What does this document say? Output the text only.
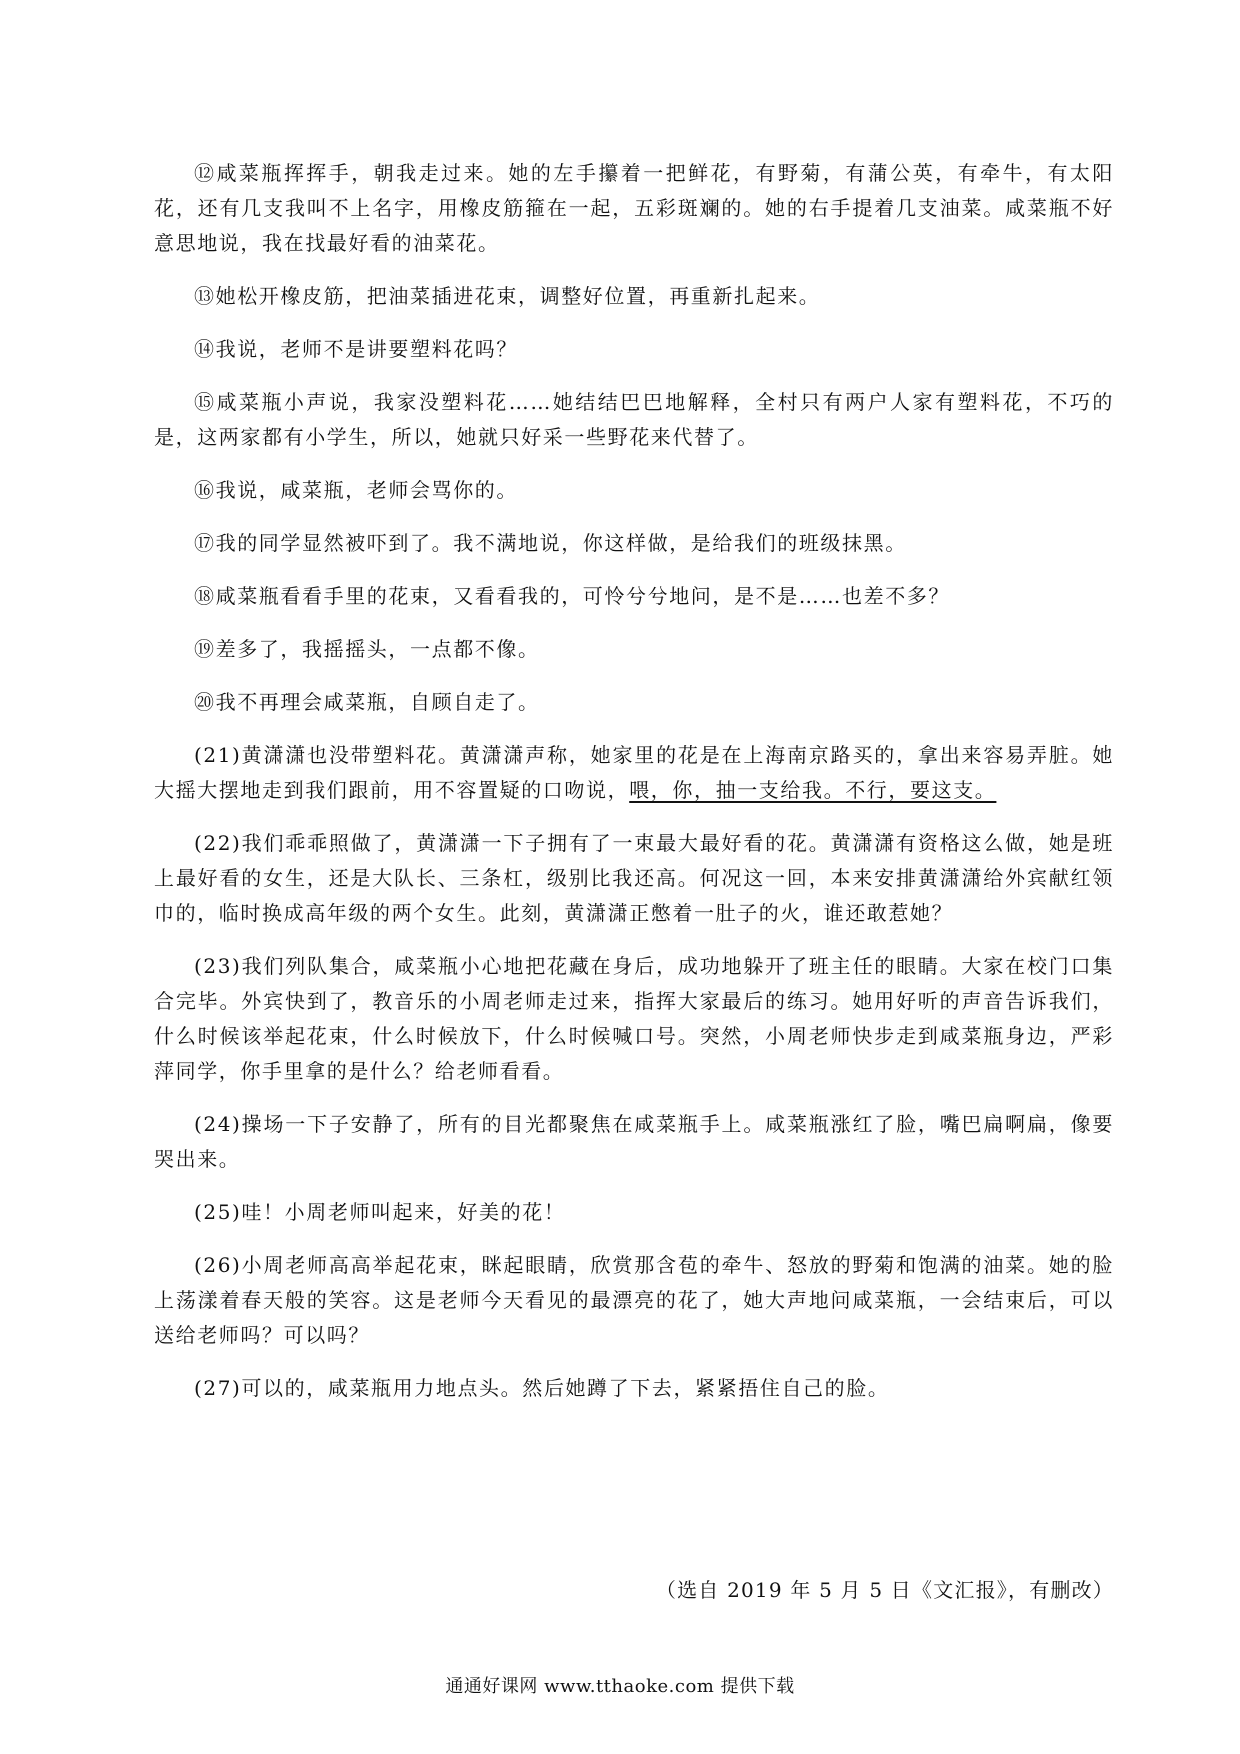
⑫咸菜瓶挥挥手，朝我走过来。她的左手攥着一把鲜花，有野菊，有蒲公英，有牵牛，有太阳花，还有几支我叫不上名字，用橡皮筋箍在一起，五彩斑斓的。她的右手提着几支油菜。咸菜瓶不好意思地说，我在找最好看的油菜花。

⑬她松开橡皮筋，把油菜插进花束，调整好位置，再重新扎起来。

⑭我说，老师不是讲要塑料花吗？

⑮咸菜瓶小声说，我家没塑料花……她结结巴巴地解释，全村只有两户人家有塑料花，不巧的是，这两家都有小学生，所以，她就只好采一些野花来代替了。

⑯我说，咸菜瓶，老师会骂你的。

⑰我的同学显然被吓到了。我不满地说，你这样做，是给我们的班级抹黑。

⑱咸菜瓶看看手里的花束，又看看我的，可怜兮兮地问，是不是……也差不多？

⑲差多了，我摇摇头，一点都不像。

⑳我不再理会咸菜瓶，自顾自走了。

(21)黄潇潇也没带塑料花。黄潇潇声称，她家里的花是在上海南京路买的，拿出来容易弄脏。她大摇大摆地走到我们跟前，用不容置疑的口吻说，喂，你，抽一支给我。不行，要这支。

(22)我们乖乖照做了，黄潇潇一下子拥有了一束最大最好看的花。黄潇潇有资格这么做，她是班上最好看的女生，还是大队长、三条杠，级别比我还高。何况这一回，本来安排黄潇潇给外宾献红领巾的，临时换成高年级的两个女生。此刻，黄潇潇正憋着一肚子的火，谁还敢惹她？

(23)我们列队集合，咸菜瓶小心地把花藏在身后，成功地躲开了班主任的眼睛。大家在校门口集合完毕。外宾快到了，教音乐的小周老师走过来，指挥大家最后的练习。她用好听的声音告诉我们，什么时候该举起花束，什么时候放下，什么时候喊口号。突然，小周老师快步走到咸菜瓶身边，严彩萍同学，你手里拿的是什么？给老师看看。

(24)操场一下子安静了，所有的目光都聚焦在咸菜瓶手上。咸菜瓶涨红了脸，嘴巴扁啊扁，像要哭出来。

(25)哇！小周老师叫起来，好美的花！

(26)小周老师高高举起花束，眯起眼睛，欣赏那含苞的牵牛、怒放的野菊和饱满的油菜。她的脸上荡漾着春天般的笑容。这是老师今天看见的最漂亮的花了，她大声地问咸菜瓶，一会结束后，可以送给老师吗？可以吗？

(27)可以的，咸菜瓶用力地点头。然后她蹲了下去，紧紧捂住自己的脸。

（选自 2019 年 5 月 5 日《文汇报》，有删改）
通通好课网 www.tthaoke.com 提供下载
